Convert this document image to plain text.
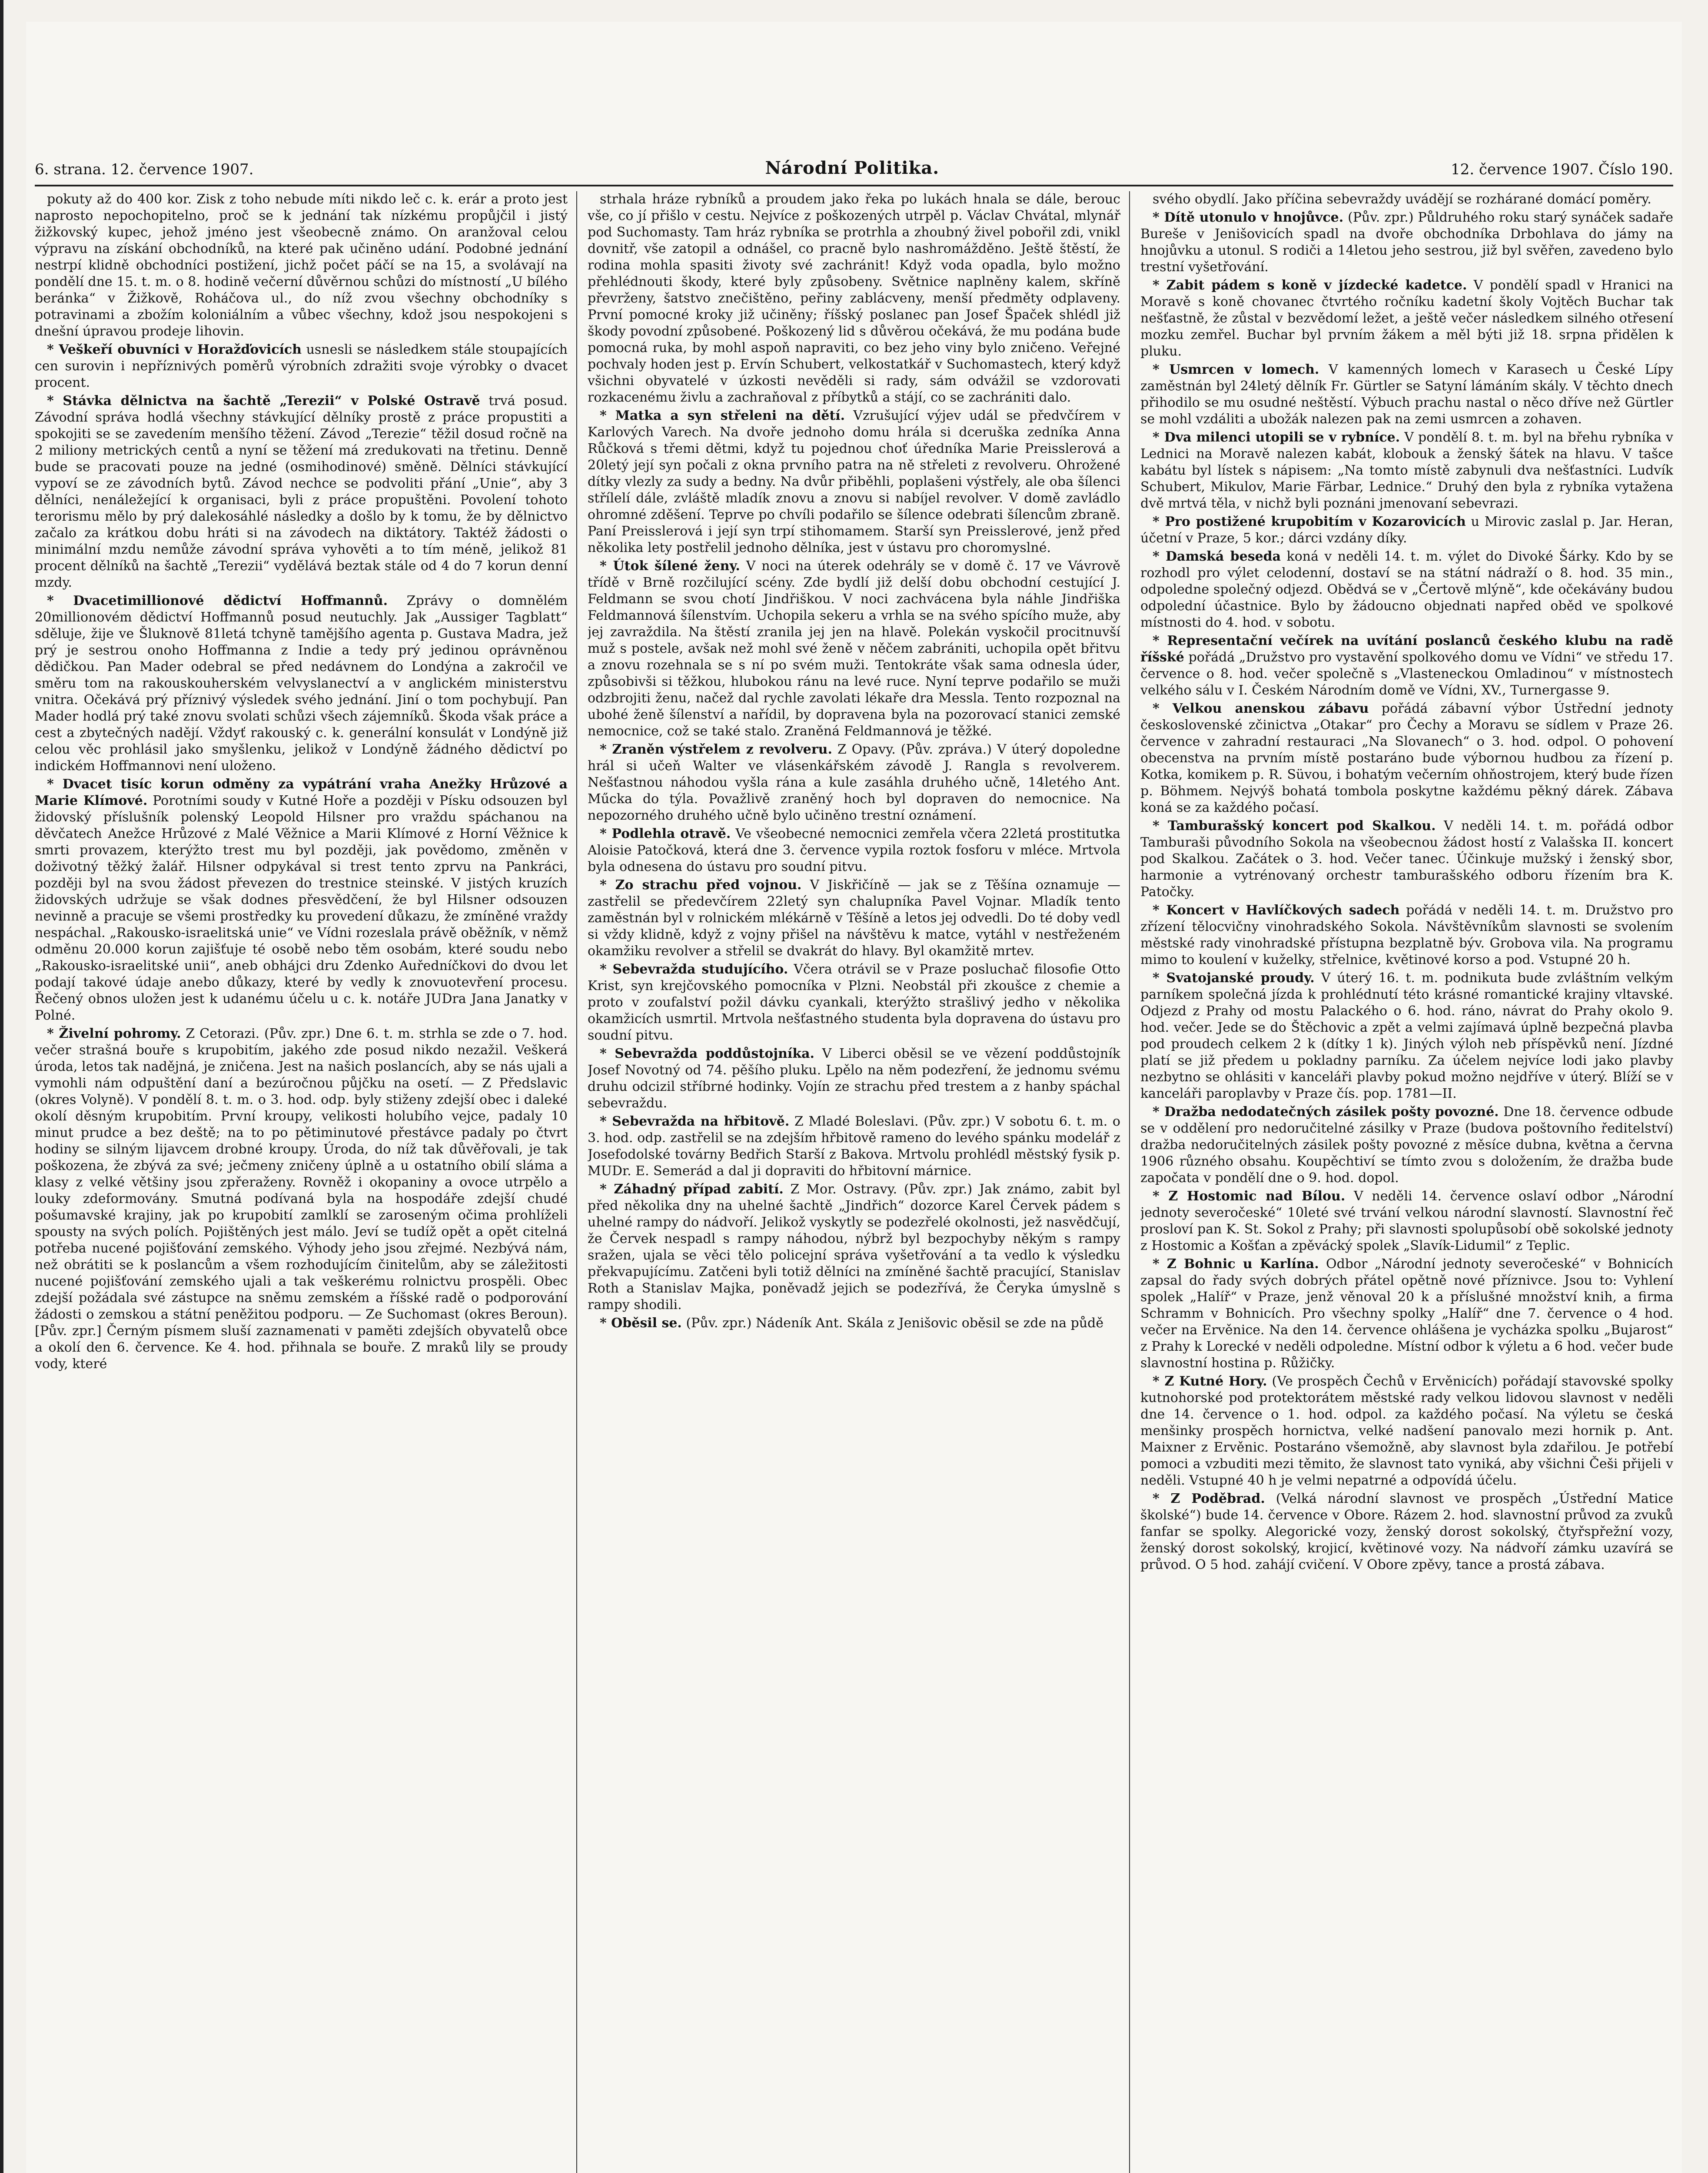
6. strana. 12. července 1907.	Národní Politika.	12. července 1907. Číslo 190.

pokuty až do 400 kor. Zisk z toho nebude míti nikdo leč c. k. erár a proto jest naprosto nepochopitelno, proč se k jednání tak nízkému propůjčil i jistý žižkovský kupec, jehož jméno jest všeobecně známo. On aranžoval celou výpravu na získání obchodníků, na které pak učiněno udání. Podobné jednání nestrpí klidně obchodníci postižení, jichž počet páčí se na 15, a svolávají na pondělí dne 15. t. m. o 8. hodině večerní důvěrnou schůzi do místností „U bílého beránka“ v Žižkově, Roháčova ul., do níž zvou všechny obchodníky s potravinami a zbožím koloniálním a vůbec všechny, kdož jsou nespokojeni s dnešní úpravou prodeje lihovin.

* Veškeří obuvníci v Horažďovicích usnesli se následkem stále stoupajících cen surovin i nepříznivých poměrů výrobních zdražiti svoje výrobky o dvacet procent.

* Stávka dělnictva na šachtě „Terezii“ v Polské Ostravě trvá posud. Závodní správa hodlá všechny stávkující dělníky prostě z práce propustiti a spokojiti se se zavedením menšího těžení. Závod „Terezie“ těžil dosud ročně na 2 miliony metrických centů a nyní se těžení má zredukovati na třetinu. Denně bude se pracovati pouze na jedné (osmihodinové) směně. Dělníci stávkující vypoví se ze závodních bytů. Závod nechce se podvoliti přání „Unie“, aby 3 dělníci, nenáležející k organisaci, byli z práce propuštěni. Povolení tohoto terorismu mělo by prý dalekosáhlé následky a došlo by k tomu, že by dělnictvo začalo za krátkou dobu hráti si na závodech na diktátory. Taktéž žádosti o minimální mzdu nemůže závodní správa vyhověti a to tím méně, jelikož 81 procent dělníků na šachtě „Terezii“ vydělává beztak stále od 4 do 7 korun denní mzdy.

* Dvacetimillionové dědictví Hoffmannů. Zprávy o domnělém 20millionovém dědictví Hoffmannů posud neutuchly. Jak „Aussiger Tagblatt“ sděluje, žije ve Šluknově 81letá tchyně tamějšího agenta p. Gustava Madra, jež prý je sestrou onoho Hoffmanna z Indie a tedy prý jedinou oprávněnou dědičkou. Pan Mader odebral se před nedávnem do Londýna a zakročil ve směru tom na rakouskouherském velvyslanectví a v anglickém ministerstvu vnitra. Očekává prý příznivý výsledek svého jednání. Jiní o tom pochybují. Pan Mader hodlá prý také znovu svolati schůzi všech zájemníků. Škoda však práce a cest a zbytečných nadějí. Vždyť rakouský c. k. generální konsulát v Londýně již celou věc prohlásil jako smyšlenku, jelikož v Londýně žádného dědictví po indickém Hoffmannovi není uloženo.

* Dvacet tisíc korun odměny za vypátrání vraha Anežky Hrůzové a Marie Klímové. Porotními soudy v Kutné Hoře a později v Písku odsouzen byl židovský příslušník polenský Leopold Hilsner pro vraždu spáchanou na děvčatech Anežce Hrůzové z Malé Věžnice a Marii Klímové z Horní Věžnice k smrti provazem, kterýžto trest mu byl později, jak povědomo, změněn v doživotný těžký žalář. Hilsner odpykával si trest tento zprvu na Pankráci, později byl na svou žádost převezen do trestnice steinské. V jistých kruzích židovských udržuje se však dodnes přesvědčení, že byl Hilsner odsouzen nevinně a pracuje se všemi prostředky ku provedení důkazu, že zmíněné vraždy nespáchal. „Rakousko-israelitská unie“ ve Vídni rozeslala právě oběžník, v němž odměnu 20.000 korun zajišťuje té osobě nebo těm osobám, které soudu nebo „Rakousko-israelitské unii“, aneb obhájci dru Zdenko Auředníčkovi do dvou let podají takové údaje anebo důkazy, které by vedly k znovuotevření procesu. Řečený obnos uložen jest k udanému účelu u c. k. notáře JUDra Jana Janatky v Polné.

* Živelní pohromy. Z Cetorazi. (Pův. zpr.) Dne 6. t. m. strhla se zde o 7. hod. večer strašná bouře s krupobitím, jakého zde posud nikdo nezažil. Veškerá úroda, letos tak nadějná, je zničena. Jest na našich poslancích, aby se nás ujali a vymohli nám odpuštění daní a bezúročnou půjčku na osetí. — Z Předslavic (okres Volyně). V pondělí 8. t. m. o 3. hod. odp. byly stiženy zdejší obec i daleké okolí děsným krupobitím. První kroupy, velikosti holubího vejce, padaly 10 minut prudce a bez deště; na to po pětiminutové přestávce padaly po čtvrt hodiny se silným lijavcem drobné kroupy. Úroda, do níž tak důvěřovali, je tak poškozena, že zbývá za své; ječmeny zničeny úplně a u ostatního obilí sláma a klasy z velké většiny jsou zpřeraženy. Rovněž i okopaniny a ovoce utrpělo a louky zdeformovány. Smutná podívaná byla na hospodáře zdejší chudé pošumavské krajiny, jak po krupobití zamlklí se zaroseným očima prohlíželi spousty na svých polích. Pojištěných jest málo. Jeví se tudíž opět a opět citelná potřeba nucené pojišťování zemského. Výhody jeho jsou zřejmé. Nezbývá nám, než obrátiti se k poslancům a všem rozhodujícím činitelům, aby se záležitosti nucené pojišťování zemského ujali a tak veškerému rolnictvu prospěli. Obec zdejší požádala své zástupce na sněmu zemském a říšské radě o podporování žádosti o zemskou a státní peněžitou podporu. — Ze Suchomast (okres Beroun). [Pův. zpr.] Černým písmem sluší zaznamenati v paměti zdejších obyvatelů obce a okolí den 6. července. Ke 4. hod. přihnala se bouře. Z mraků lily se proudy vody, které

strhala hráze rybníků a proudem jako řeka po lukách hnala se dále, berouc vše, co jí přišlo v cestu. Nejvíce z poškozených utrpěl p. Václav Chvátal, mlynář pod Suchomasty. Tam hráz rybníka se protrhla a zhoubný živel pobořil zdi, vnikl dovnitř, vše zatopil a odnášel, co pracně bylo nashromážděno. Ještě štěstí, že rodina mohla spasiti životy své zachránit! Když voda opadla, bylo možno přehlédnouti škody, které byly způsobeny. Světnice naplněny kalem, skříně převrženy, šatstvo znečištěno, peřiny zablácveny, menší předměty odplaveny. První pomocné kroky již učiněny; říšský poslanec pan Josef Špaček shlédl již škody povodní způsobené. Poškozený lid s důvěrou očekává, že mu podána bude pomocná ruka, by mohl aspoň napraviti, co bez jeho viny bylo zničeno. Veřejné pochvaly hoden jest p. Ervín Schubert, velkostatkář v Suchomastech, který když všichni obyvatelé v úzkosti nevěděli si rady, sám odvážil se vzdorovati rozkacenému živlu a zachraňoval z příbytků a stájí, co se zachrániti dalo.

* Matka a syn střeleni na dětí. Vzrušující výjev udál se předvčírem v Karlových Varech. Na dvoře jednoho domu hrála si dceruška zedníka Anna Růčková s třemi dětmi, když tu pojednou choť úředníka Marie Preisslerová a 20letý její syn počali z okna prvního patra na ně střeleti z revolveru. Ohrožené dítky vlezly za sudy a bedny. Na dvůr přiběhli, poplašeni výstřely, ale oba šílenci střílelí dále, zvláště mladík znovu a znovu si nabíjel revolver. V domě zavládlo ohromné zděšení. Teprve po chvíli podařilo se šílence odebrati šílencům zbraně. Paní Preisslerová i její syn trpí stihomamem. Starší syn Preisslerové, jenž před několika lety postřelil jednoho dělníka, jest v ústavu pro choromyslné.

* Útok šílené ženy. V noci na úterek odehrály se v domě č. 17 ve Vávrově třídě v Brně rozčilující scény. Zde bydlí již delší dobu obchodní cestující J. Feldmann se svou chotí Jindřiškou. V noci zachvácena byla náhle Jindřiška Feldmannová šílenstvím. Uchopila sekeru a vrhla se na svého spícího muže, aby jej zavraždila. Na štěstí zranila jej jen na hlavě. Polekán vyskočil procitnuvší muž s postele, avšak než mohl své ženě v něčem zabrániti, uchopila opět břitvu a znovu rozehnala se s ní po svém muži. Tentokráte však sama odnesla úder, způsobivši si těžkou, hlubokou ránu na levé ruce. Nyní teprve podařilo se muži odzbrojiti ženu, načež dal rychle zavolati lékaře dra Messla. Tento rozpoznal na ubohé ženě šílenství a nařídil, by dopravena byla na pozorovací stanici zemské nemocnice, což se také stalo. Zraněná Feldmannová je těžké.

* Zraněn výstřelem z revolveru. Z Opavy. (Pův. zpráva.) V úterý dopoledne hrál si učeň Walter ve vlásenkářském závodě J. Rangla s revolverem. Nešťastnou náhodou vyšla rána a kule zasáhla druhého učně, 14letého Ant. Műcka do týla. Považlivě zraněný hoch byl dopraven do nemocnice. Na nepozorného druhého učně bylo učiněno trestní oznámení.

* Podlehla otravě. Ve všeobecné nemocnici zemřela včera 22letá prostitutka Aloisie Patočková, která dne 3. července vypila roztok fosforu v mléce. Mrtvola byla odnesena do ústavu pro soudní pitvu.

* Zo strachu před vojnou. V Jiskřičíně — jak se z Těšína oznamuje — zastřelil se předevčírem 22letý syn chalupníka Pavel Vojnar. Mladík tento zaměstnán byl v rolnickém mlékárně v Těšíně a letos jej odvedli. Do té doby vedl si vždy klidně, když z vojny přišel na návštěvu k matce, vytáhl v nestřeženém okamžiku revolver a střelil se dvakrát do hlavy. Byl okamžitě mrtev.

* Sebevražda studujícího. Včera otrávil se v Praze posluchač filosofie Otto Krist, syn krejčovského pomocníka v Plzni. Neobstál při zkoušce z chemie a proto v zoufalství požil dávku cyankali, kterýžto strašlivý jedho v několika okamžicích usmrtil. Mrtvola nešťastného studenta byla dopravena do ústavu pro soudní pitvu.

* Sebevražda poddůstojníka. V Liberci oběsil se ve vězení poddůstojník Josef Novotný od 74. pěšího pluku. Lpělo na něm podezření, že jednomu svému druhu odcizil stříbrné hodinky. Vojín ze strachu před trestem a z hanby spáchal sebevraždu.

* Sebevražda na hřbitově. Z Mladé Boleslavi. (Pův. zpr.) V sobotu 6. t. m. o 3. hod. odp. zastřelil se na zdejším hřbitově rameno do levého spánku modelář z Josefodolské továrny Bedřich Starší z Bakova. Mrtvolu prohlédl městský fysik p. MUDr. E. Semerád a dal ji dopraviti do hřbitovní márnice.

* Záhadný případ zabití. Z Mor. Ostravy. (Pův. zpr.) Jak známo, zabit byl před několika dny na uhelné šachtě „Jindřich“ dozorce Karel Červek pádem s uhelné rampy do nádvoří. Jelikož vyskytly se podezřelé okolnosti, jež nasvědčují, že Červek nespadl s rampy náhodou, nýbrž byl bezpochyby někým s rampy sražen, ujala se věci tělo policejní správa vyšetřování a ta vedlo k výsledku překvapujícímu. Zatčeni byli totiž dělníci na zmíněné šachtě pracující, Stanislav Roth a Stanislav Majka, poněvadž jejich se podezřívá, že Čeryka úmyslně s rampy shodili.

* Oběsil se. (Pův. zpr.) Nádeník Ant. Skála z Jenišovic oběsil se zde na půdě

svého obydlí. Jako příčina sebevraždy uvádějí se rozhárané domácí poměry.

* Dítě utonulo v hnojůvce. (Pův. zpr.) Půldruhého roku starý synáček sadaře Bureše v Jenišovicích spadl na dvoře obchodníka Drbohlava do jámy na hnojůvku a utonul. S rodiči a 14letou jeho sestrou, již byl svěřen, zavedeno bylo trestní vyšetřování.

* Zabit pádem s koně v jízdecké kadetce. V pondělí spadl v Hranici na Moravě s koně chovanec čtvrtého ročníku kadetní školy Vojtěch Buchar tak nešťastně, že zůstal v bezvědomí ležet, a ještě večer následkem silného otřesení mozku zemřel. Buchar byl prvním žákem a měl býti již 18. srpna přidělen k pluku.

* Usmrcen v lomech. V kamenných lomech v Karasech u České Lípy zaměstnán byl 24letý dělník Fr. Gürtler se Satyní lámáním skály. V těchto dnech přihodilo se mu osudné neštěstí. Výbuch prachu nastal o něco dříve než Gürtler se mohl vzdáliti a ubožák nalezen pak na zemi usmrcen a zohaven.

* Dva milenci utopili se v rybníce. V pondělí 8. t. m. byl na břehu rybníka v Lednici na Moravě nalezen kabát, klobouk a ženský šátek na hlavu. V tašce kabátu byl lístek s nápisem: „Na tomto místě zabynuli dva nešťastníci. Ludvík Schubert, Mikulov, Marie Färbar, Lednice.“ Druhý den byla z rybníka vytažena dvě mrtvá těla, v nichž byli poznáni jmenovaní sebevrazi.

* Pro postižené krupobitím v Kozarovicích u Mirovic zaslal p. Jar. Heran, účetní v Praze, 5 kor.; dárci vzdány díky.

* Damská beseda koná v neděli 14. t. m. výlet do Divoké Šárky. Kdo by se rozhodl pro výlet celodenní, dostaví se na státní nádraží o 8. hod. 35 min., odpoledne společný odjezd. Obědvá se v „Čertově mlýně“, kde očekávány budou odpolední účastnice. Bylo by žádoucno objednati napřed oběd ve spolkové místnosti do 4. hod. v sobotu.

* Representační večírek na uvítání poslanců českého klubu na radě říšské pořádá „Družstvo pro vystavění spolkového domu ve Vídni“ ve středu 17. července o 8. hod. večer společně s „Vlasteneckou Omladinou“ v místnostech velkého sálu v I. Českém Národním domě ve Vídni, XV., Turnergasse 9.

* Velkou anenskou zábavu pořádá zábavní výbor Ústřední jednoty československé zčinictva „Otakar“ pro Čechy a Moravu se sídlem v Praze 26. července v zahradní restauraci „Na Slovanech“ o 3. hod. odpol. O pohovení obecenstva na prvním místě postaráno bude výbornou hudbou za řízení p. Kotka, komikem p. R. Süvou, i bohatým večerním ohňostrojem, který bude řízen p. Böhmem. Nejvýš bohatá tombola poskytne každému pěkný dárek. Zábava koná se za každého počasí.

* Tamburašský koncert pod Skalkou. V neděli 14. t. m. pořádá odbor Tamburaši původního Sokola na všeobecnou žádost hostí z Valašska II. koncert pod Skalkou. Začátek o 3. hod. Večer tanec. Účinkuje mužský i ženský sbor, harmonie a vytrénovaný orchestr tamburašského odboru řízením bra K. Patočky.

* Koncert v Havlíčkových sadech pořádá v neděli 14. t. m. Družstvo pro zřízení tělocvičny vinohradského Sokola. Návštěvníkům slavnosti se svolením městské rady vinohradské přístupna bezplatně býv. Grobova vila. Na programu mimo to koulení v kuželky, střelnice, květinové korso a pod. Vstupné 20 h.

* Svatojanské proudy. V úterý 16. t. m. podnikuta bude zvláštním velkým parníkem společná jízda k prohlédnutí této krásné romantické krajiny vltavské. Odjezd z Prahy od mostu Palackého o 6. hod. ráno, návrat do Prahy okolo 9. hod. večer. Jede se do Štěchovic a zpět a velmi zajímavá úplně bezpečná plavba pod proudech celkem 2 k (dítky 1 k). Jiných výloh neb příspěvků není. Jízdné platí se již předem u pokladny parníku. Za účelem nejvíce lodi jako plavby nezbytno se ohlásiti v kanceláři plavby pokud možno nejdříve v úterý. Blíží se v kanceláři paroplavby v Praze čís. pop. 1781—II.

* Dražba nedodatečných zásilek pošty povozné. Dne 18. července odbude se v oddělení pro nedoručitelné zásilky v Praze (budova poštovního ředitelství) dražba nedoručitelných zásilek pošty povozné z měsíce dubna, května a června 1906 různého obsahu. Koupěchtiví se tímto zvou s doložením, že dražba bude započata v pondělí dne o 9. hod. dopol.

* Z Hostomic nad Bílou. V neděli 14. července oslaví odbor „Národní jednoty severočeské“ 10leté své trvání velkou národní slavností. Slavnostní řeč prosloví pan K. St. Sokol z Prahy; při slavnosti spolupůsobí obě sokolské jednoty z Hostomic a Košťan a zpěvácký spolek „Slavík-Lidumil“ z Teplic.

* Z Bohnic u Karlína. Odbor „Národní jednoty severočeské“ v Bohnicích zapsal do řady svých dobrých přátel opětně nové příznivce. Jsou to: Vyhlení spolek „Halíř“ v Praze, jenž věnoval 20 k a příslušné množství knih, a firma Schramm v Bohnicích. Pro všechny spolky „Halíř“ dne 7. července o 4 hod. večer na Ervěnice. Na den 14. července ohlášena je vycházka spolku „Bujarost“ z Prahy k Lorecké v neděli odpoledne. Místní odbor k výletu a 6 hod. večer bude slavnostní hostina p. Růžičky.

* Z Kutné Hory. (Ve prospěch Čechů v Ervěnicích) pořádají stavovské spolky kutnohorské pod protektorátem městské rady velkou lidovou slavnost v neděli dne 14. července o 1. hod. odpol. za každého počasí. Na výletu se česká menšinky prospěch hornictva, velké nadšení panovalo mezi hornik p. Ant. Maixner z Ervěnic. Postaráno všemožně, aby slavnost byla zdařilou. Je potřebí pomoci a vzbuditi mezi těmito, že slavnost tato vyniká, aby všichni Češi přijeli v neděli. Vstupné 40 h je velmi nepatrné a odpovídá účelu.

* Z Poděbrad. (Velká národní slavnost ve prospěch „Ústřední Matice školské“) bude 14. července v Obore. Rázem 2. hod. slavnostní průvod za zvuků fanfar se spolky. Alegorické vozy, ženský dorost sokolský, čtyřspřežní vozy, ženský dorost sokolský, krojicí, květinové vozy. Na nádvoří zámku uzavírá se průvod. O 5 hod. zahájí cvičení. V Obore zpěvy, tance a prostá zábava.
